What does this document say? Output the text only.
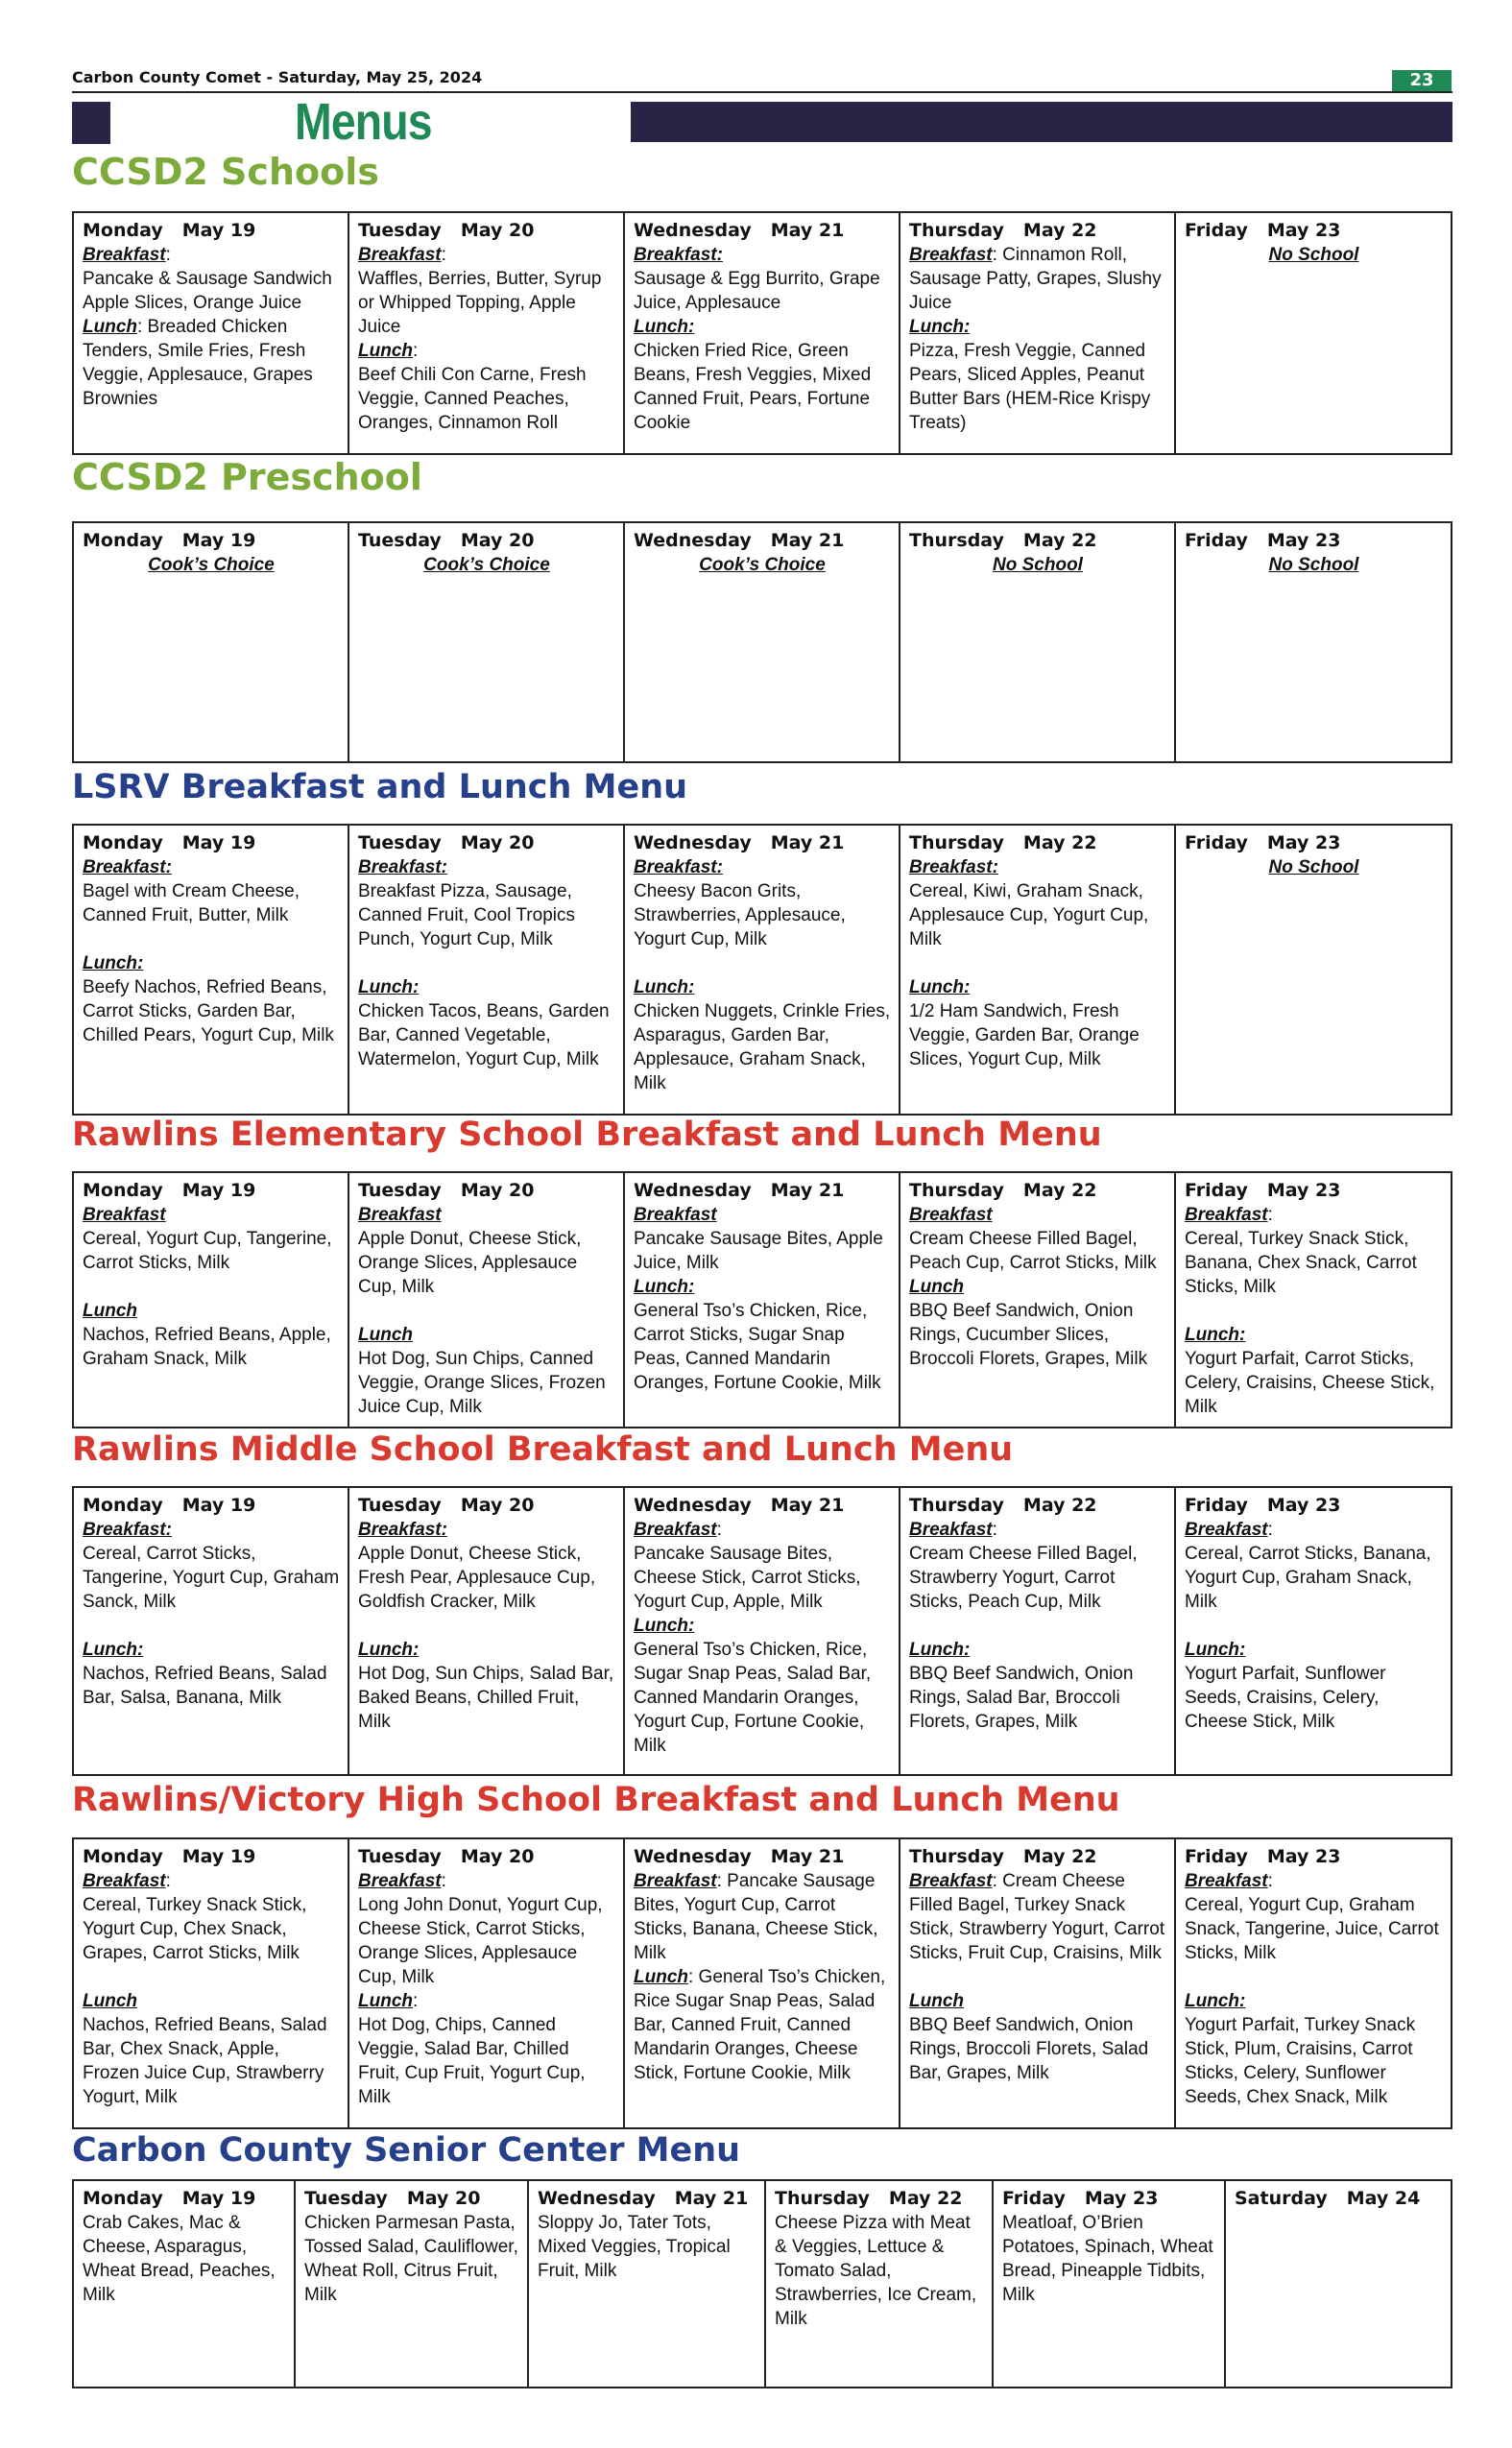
Carbon County Comet - Saturday, May 25, 2024	23
Menus
CCSD2 Schools
Monday May 19
Breakfast:
Pancake & Sausage Sandwich Apple Slices, Orange Juice
Lunch: Breaded Chicken Tenders, Smile Fries, Fresh Veggie, Applesauce, Grapes Brownies

Tuesday May 20
Breakfast:
Waffles, Berries, Butter, Syrup or Whipped Topping, Apple Juice
Lunch:
Beef Chili Con Carne, Fresh Veggie, Canned Peaches, Oranges, Cinnamon Roll

Wednesday May 21
Breakfast:
Sausage & Egg Burrito, Grape Juice, Applesauce
Lunch:
Chicken Fried Rice, Green Beans, Fresh Veggies, Mixed Canned Fruit, Pears, Fortune Cookie

Thursday May 22
Breakfast: Cinnamon Roll, Sausage Patty, Grapes, Slushy Juice
Lunch:
Pizza, Fresh Veggie, Canned Pears, Sliced Apples, Peanut Butter Bars (HEM-Rice Krispy Treats)

Friday May 23
No School
CCSD2 Preschool
Monday May 19
Cook’s Choice

Tuesday May 20
Cook’s Choice

Wednesday May 21
Cook’s Choice

Thursday May 22
No School

Friday May 23
No School
LSRV Breakfast and Lunch Menu
Monday May 19
Breakfast:
Bagel with Cream Cheese, Canned Fruit, Butter, Milk
Lunch:
Beefy Nachos, Refried Beans, Carrot Sticks, Garden Bar, Chilled Pears, Yogurt Cup, Milk

Tuesday May 20
Breakfast:
Breakfast Pizza, Sausage, Canned Fruit, Cool Tropics Punch, Yogurt Cup, Milk
Lunch:
Chicken Tacos, Beans, Garden Bar, Canned Vegetable, Watermelon, Yogurt Cup, Milk

Wednesday May 21
Breakfast:
Cheesy Bacon Grits, Strawberries, Applesauce, Yogurt Cup, Milk
Lunch:
Chicken Nuggets, Crinkle Fries, Asparagus, Garden Bar, Applesauce, Graham Snack, Milk

Thursday May 22
Breakfast:
Cereal, Kiwi, Graham Snack, Applesauce Cup, Yogurt Cup, Milk
Lunch:
1/2 Ham Sandwich, Fresh Veggie, Garden Bar, Orange Slices, Yogurt Cup, Milk

Friday May 23
No School
Rawlins Elementary School Breakfast and Lunch Menu
Monday May 19
Breakfast
Cereal, Yogurt Cup, Tangerine, Carrot Sticks, Milk
Lunch
Nachos, Refried Beans, Apple, Graham Snack, Milk

Tuesday May 20
Breakfast
Apple Donut, Cheese Stick, Orange Slices, Applesauce Cup, Milk
Lunch
Hot Dog, Sun Chips, Canned Veggie, Orange Slices, Frozen Juice Cup, Milk

Wednesday May 21
Breakfast
Pancake Sausage Bites, Apple Juice, Milk
Lunch:
General Tso’s Chicken, Rice, Carrot Sticks, Sugar Snap Peas, Canned Mandarin Oranges, Fortune Cookie, Milk

Thursday May 22
Breakfast
Cream Cheese Filled Bagel, Peach Cup, Carrot Sticks, Milk
Lunch
BBQ Beef Sandwich, Onion Rings, Cucumber Slices, Broccoli Florets, Grapes, Milk

Friday May 23
Breakfast:
Cereal, Turkey Snack Stick, Banana, Chex Snack, Carrot Sticks, Milk
Lunch:
Yogurt Parfait, Carrot Sticks, Celery, Craisins, Cheese Stick, Milk
Rawlins Middle School Breakfast and Lunch Menu
Monday May 19
Breakfast:
Cereal, Carrot Sticks, Tangerine, Yogurt Cup, Graham Sanck, Milk
Lunch:
Nachos, Refried Beans, Salad Bar, Salsa, Banana, Milk

Tuesday May 20
Breakfast:
Apple Donut, Cheese Stick, Fresh Pear, Applesauce Cup, Goldfish Cracker, Milk
Lunch:
Hot Dog, Sun Chips, Salad Bar, Baked Beans, Chilled Fruit, Milk

Wednesday May 21
Breakfast:
Pancake Sausage Bites, Cheese Stick, Carrot Sticks, Yogurt Cup, Apple, Milk
Lunch:
General Tso’s Chicken, Rice, Sugar Snap Peas, Salad Bar, Canned Mandarin Oranges, Yogurt Cup, Fortune Cookie, Milk

Thursday May 22
Breakfast:
Cream Cheese Filled Bagel, Strawberry Yogurt, Carrot Sticks, Peach Cup, Milk
Lunch:
BBQ Beef Sandwich, Onion Rings, Salad Bar, Broccoli Florets, Grapes, Milk

Friday May 23
Breakfast:
Cereal, Carrot Sticks, Banana, Yogurt Cup, Graham Snack, Milk
Lunch:
Yogurt Parfait, Sunflower Seeds, Craisins, Celery, Cheese Stick, Milk
Rawlins/Victory High School Breakfast and Lunch Menu
Monday May 19
Breakfast:
Cereal, Turkey Snack Stick, Yogurt Cup, Chex Snack, Grapes, Carrot Sticks, Milk
Lunch
Nachos, Refried Beans, Salad Bar, Chex Snack, Apple, Frozen Juice Cup, Strawberry Yogurt, Milk

Tuesday May 20
Breakfast:
Long John Donut, Yogurt Cup, Cheese Stick, Carrot Sticks, Orange Slices, Applesauce Cup, Milk
Lunch:
Hot Dog, Chips, Canned Veggie, Salad Bar, Chilled Fruit, Cup Fruit, Yogurt Cup, Milk

Wednesday May 21
Breakfast: Pancake Sausage Bites, Yogurt Cup, Carrot Sticks, Banana, Cheese Stick, Milk
Lunch: General Tso’s Chicken, Rice Sugar Snap Peas, Salad Bar, Canned Fruit, Canned Mandarin Oranges, Cheese Stick, Fortune Cookie, Milk

Thursday May 22
Breakfast: Cream Cheese Filled Bagel, Turkey Snack Stick, Strawberry Yogurt, Carrot Sticks, Fruit Cup, Craisins, Milk
Lunch
BBQ Beef Sandwich, Onion Rings, Broccoli Florets, Salad Bar, Grapes, Milk

Friday May 23
Breakfast:
Cereal, Yogurt Cup, Graham Snack, Tangerine, Juice, Carrot Sticks, Milk
Lunch:
Yogurt Parfait, Turkey Snack Stick, Plum, Craisins, Carrot Sticks, Celery, Sunflower Seeds, Chex Snack, Milk
Carbon County Senior Center Menu
Monday May 19
Crab Cakes, Mac & Cheese, Asparagus, Wheat Bread, Peaches, Milk

Tuesday May 20
Chicken Parmesan Pasta, Tossed Salad, Cauliflower, Wheat Roll, Citrus Fruit, Milk

Wednesday May 21
Sloppy Jo, Tater Tots, Mixed Veggies, Tropical Fruit, Milk

Thursday May 22
Cheese Pizza with Meat & Veggies, Lettuce & Tomato Salad, Strawberries, Ice Cream, Milk

Friday May 23
Meatloaf, O’Brien Potatoes, Spinach, Wheat Bread, Pineapple Tidbits, Milk

Saturday May 24
